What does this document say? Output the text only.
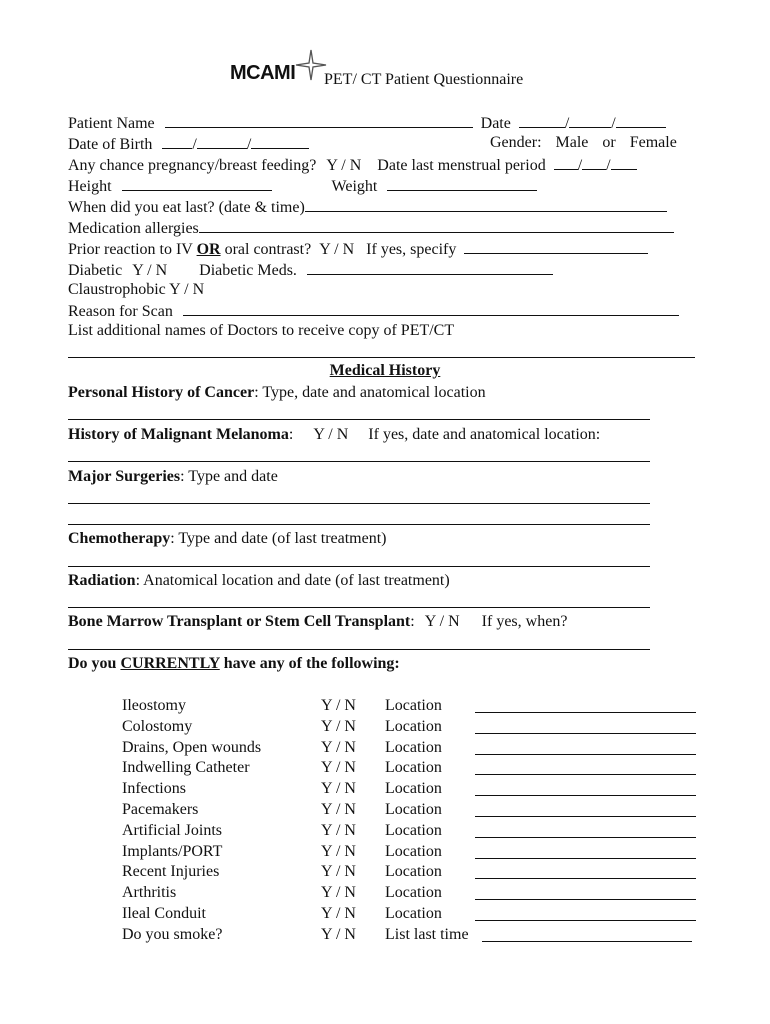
MCAMI PET/ CT Patient Questionnaire
Patient Name	Date	/	/
Date of Birth	/	/	Gender: Male or Female
Any chance pregnancy/breast feeding? Y / N Date last menstrual period / /
Height	Weight
When did you eat last? (date & time)
Medication allergies
Prior reaction to IV OR oral contrast? Y / N If yes, specify
Diabetic Y / N Diabetic Meds.
Claustrophobic Y / N
Reason for Scan
List additional names of Doctors to receive copy of PET/CT
Medical History
Personal History of Cancer: Type, date and anatomical location
History of Malignant Melanoma: Y / N If yes, date and anatomical location:
Major Surgeries: Type and date
Chemotherapy: Type and date (of last treatment)
Radiation: Anatomical location and date (of last treatment)
Bone Marrow Transplant or Stem Cell Transplant: Y / N If yes, when?
Do you CURRENTLY have any of the following:
Ileostomy	Y / N Location
Colostomy	Y / N Location
Drains, Open wounds	Y / N Location
Indwelling Catheter	Y / N Location
Infections	Y / N Location
Pacemakers	Y / N Location
Artificial Joints	Y / N Location
Implants/PORT	Y / N Location
Recent Injuries	Y / N Location
Arthritis	Y / N Location
Ileal Conduit	Y / N Location
Do you smoke?	Y / N List last time
